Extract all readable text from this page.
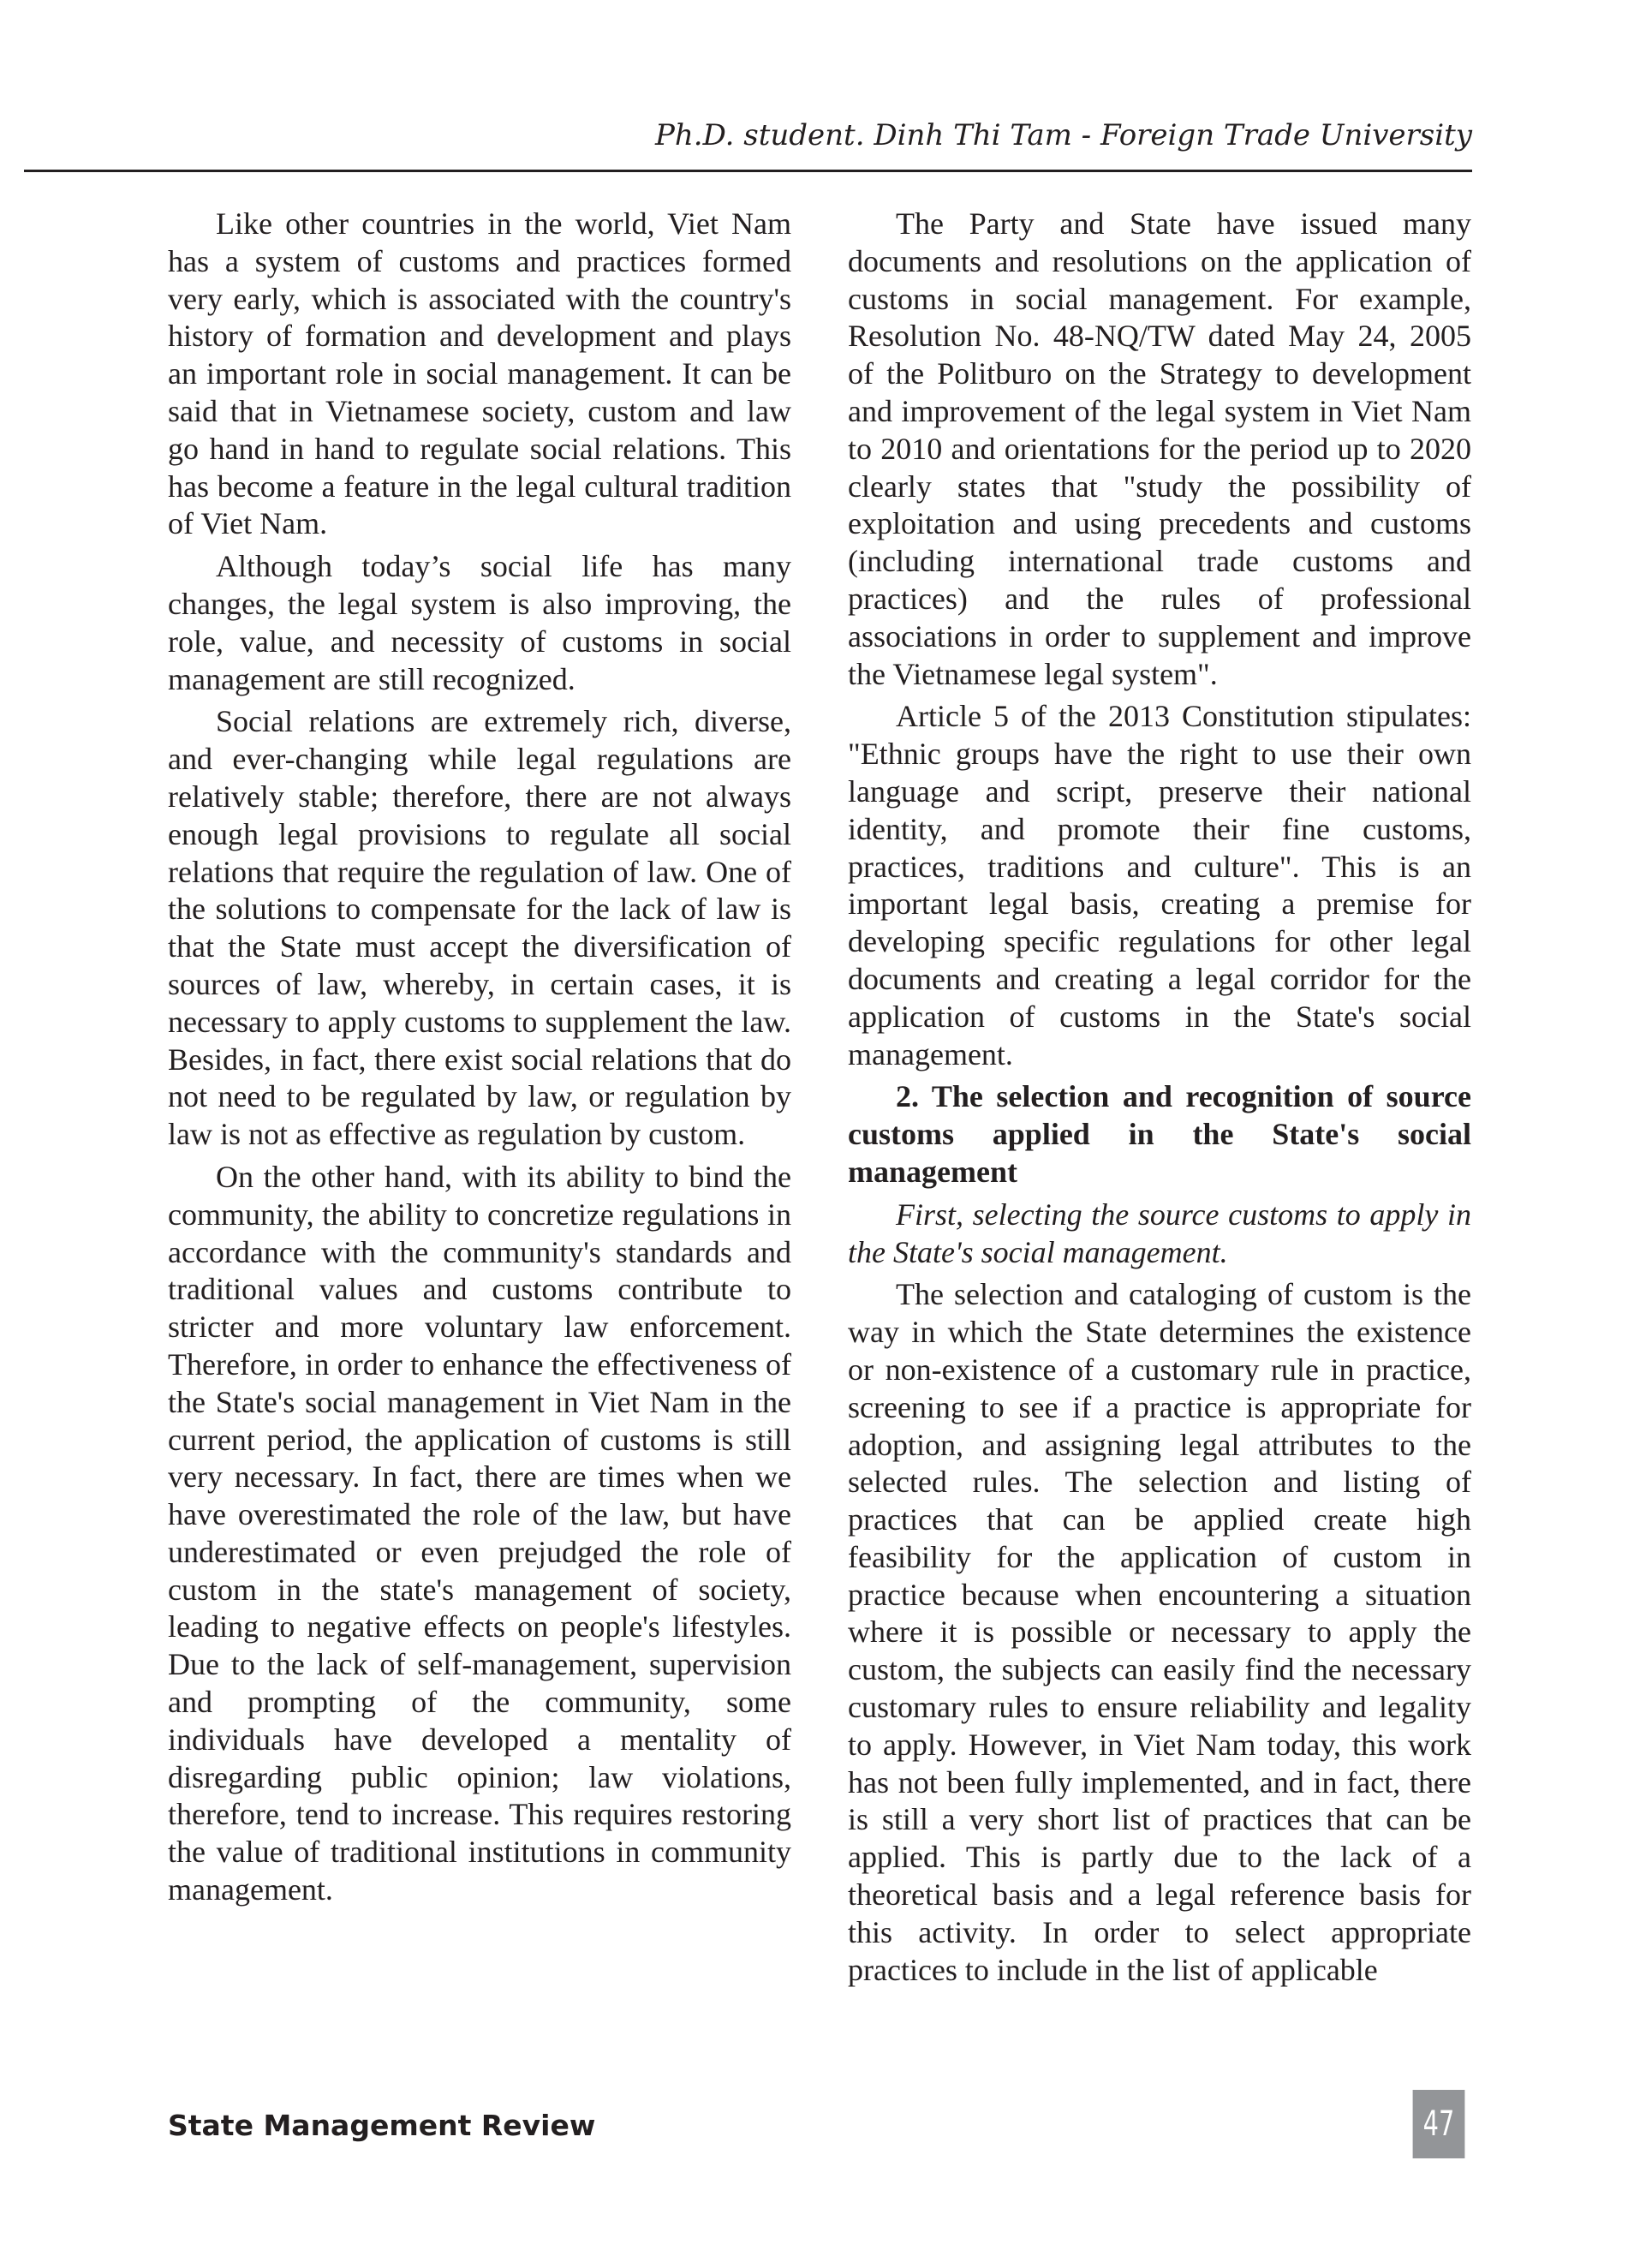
Ph.D. student. Dinh Thi Tam - Foreign Trade University

Like other countries in the world, Viet Nam has a system of customs and practices formed very early, which is associated with the country's history of formation and development and plays an important role in social management. It can be said that in Vietnamese society, custom and law go hand in hand to regulate social relations. This has become a feature in the legal cultural tradition of Viet Nam.

Although today’s social life has many changes, the legal system is also improving, the role, value, and necessity of customs in social management are still recognized.

Social relations are extremely rich, diverse, and ever-changing while legal regulations are relatively stable; therefore, there are not always enough legal provisions to regulate all social relations that require the regulation of law. One of the solutions to compensate for the lack of law is that the State must accept the diversification of sources of law, whereby, in certain cases, it is necessary to apply customs to supplement the law. Besides, in fact, there exist social relations that do not need to be regulated by law, or regulation by law is not as effective as regulation by custom.

On the other hand, with its ability to bind the community, the ability to concretize regulations in accordance with the community's standards and traditional values and customs contribute to stricter and more voluntary law enforcement. Therefore, in order to enhance the effectiveness of the State's social management in Viet Nam in the current period, the application of customs is still very necessary. In fact, there are times when we have overestimated the role of the law, but have underestimated or even prejudged the role of custom in the state's management of society, leading to negative effects on people's lifestyles. Due to the lack of self-management, supervision and prompting of the community, some individuals have developed a mentality of disregarding public opinion; law violations, therefore, tend to increase. This requires restoring the value of traditional institutions in community management.

The Party and State have issued many documents and resolutions on the application of customs in social management. For example, Resolution No. 48-NQ/TW dated May 24, 2005 of the Politburo on the Strategy to development and improvement of the legal system in Viet Nam to 2010 and orientations for the period up to 2020 clearly states that "study the possibility of exploitation and using precedents and customs (including international trade customs and practices) and the rules of professional associations in order to supplement and improve the Vietnamese legal system".

Article 5 of the 2013 Constitution stipulates: "Ethnic groups have the right to use their own language and script, preserve their national identity, and promote their fine customs, practices, traditions and culture". This is an important legal basis, creating a premise for developing specific regulations for other legal documents and creating a legal corridor for the application of customs in the State's social management.

2. The selection and recognition of source customs applied in the State's social management

First, selecting the source customs to apply in the State's social management.

The selection and cataloging of custom is the way in which the State determines the existence or non-existence of a customary rule in practice, screening to see if a practice is appropriate for adoption, and assigning legal attributes to the selected rules. The selection and listing of practices that can be applied create high feasibility for the application of custom in practice because when encountering a situation where it is possible or necessary to apply the custom, the subjects can easily find the necessary customary rules to ensure reliability and legality to apply. However, in Viet Nam today, this work has not been fully implemented, and in fact, there is still a very short list of practices that can be applied. This is partly due to the lack of a theoretical basis and a legal reference basis for this activity. In order to select appropriate practices to include in the list of applicable

State Management Review	47
